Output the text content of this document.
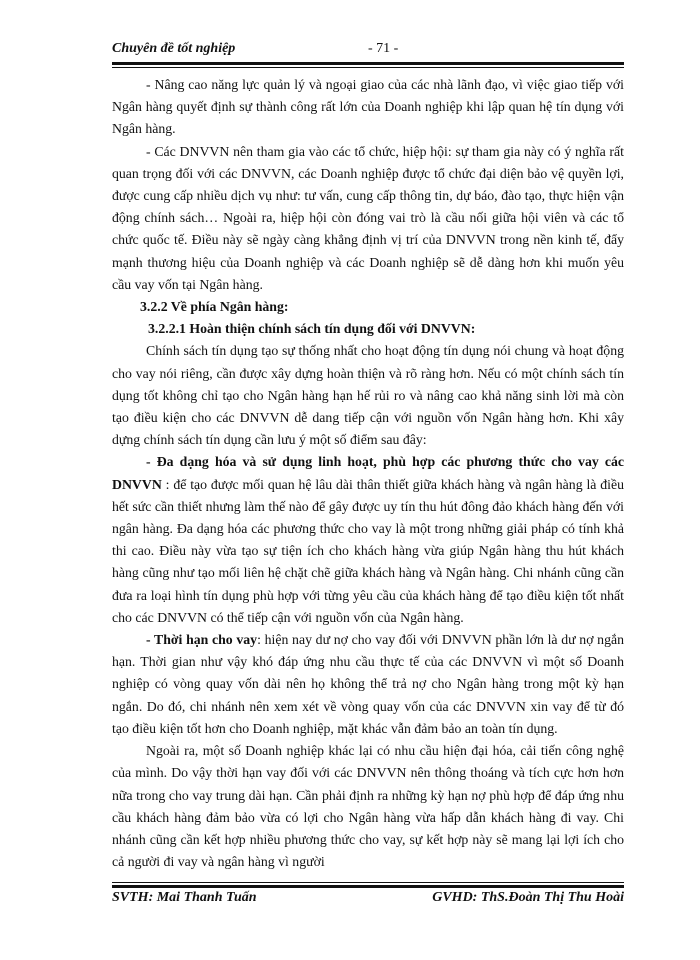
Chuyên đề tốt nghiệp	- 71 -

- Nâng cao năng lực quản lý và ngoại giao của các nhà lãnh đạo, vì việc giao tiếp với Ngân hàng quyết định sự thành công rất lớn của Doanh nghiệp khi lập quan hệ tín dụng với Ngân hàng.

- Các DNVVN nên tham gia vào các tổ chức, hiệp hội: sự tham gia này có ý nghĩa rất quan trọng đối với các DNVVN, các Doanh nghiệp được tổ chức đại diện bảo vệ quyền lợi, được cung cấp nhiều dịch vụ như: tư vấn, cung cấp thông tin, dự báo, đào tạo, thực hiện vận động chính sách… Ngoài ra, hiệp hội còn đóng vai trò là cầu nối giữa hội viên và các tổ chức quốc tế. Điều này sẽ ngày càng khẳng định vị trí của DNVVN trong nền kinh tế, đẩy mạnh thương hiệu của Doanh nghiệp và các Doanh nghiệp sẽ dễ dàng hơn khi muốn yêu cầu vay vốn tại Ngân hàng.

3.2.2 Về phía Ngân hàng:

3.2.2.1 Hoàn thiện chính sách tín dụng đối với DNVVN:

Chính sách tín dụng tạo sự thống nhất cho hoạt động tín dụng nói chung và hoạt động cho vay nói riêng, cần được xây dựng hoàn thiện và rõ ràng hơn. Nếu có một chính sách tín dụng tốt không chỉ tạo cho Ngân hàng hạn hế rủi ro và nâng cao khả năng sinh lời mà còn tạo điều kiện cho các DNVVN dễ dang tiếp cận với nguồn vốn Ngân hàng hơn. Khi xây dựng chính sách tín dụng cần lưu ý một số điểm sau đây:

- Đa dạng hóa và sử dụng linh hoạt, phù hợp các phương thức cho vay các DNVVN : để tạo được mối quan hệ lâu dài thân thiết giữa khách hàng và ngân hàng là điều hết sức cần thiết nhưng làm thế nào để gây được uy tín thu hút đông đảo khách hàng đến với ngân hàng. Đa dạng hóa các phương thức cho vay là một trong những giải pháp có tính khả thi cao. Điều này vừa tạo sự tiện ích cho khách hàng vừa giúp Ngân hàng thu hút khách hàng cũng như tạo mối liên hệ chặt chẽ giữa khách hàng và Ngân hàng. Chi nhánh cũng cần đưa ra loại hình tín dụng phù hợp với từng yêu cầu của khách hàng để tạo điều kiện tốt nhất cho các DNVVN có thể tiếp cận với nguồn vốn của Ngân hàng.

- Thời hạn cho vay: hiện nay dư nợ cho vay đối với DNVVN phần lớn là dư nợ ngắn hạn. Thời gian như vậy khó đáp ứng nhu cầu thực tế của các DNVVN vì một số Doanh nghiệp có vòng quay vốn dài nên họ không thể trả nợ cho Ngân hàng trong một kỳ hạn ngắn. Do đó, chi nhánh nên xem xét về vòng quay vốn của các DNVVN xin vay để từ đó tạo điều kiện tốt hơn cho Doanh nghiệp, mặt khác vẫn đảm bảo an toàn tín dụng.

Ngoài ra, một số Doanh nghiệp khác lại có nhu cầu hiện đại hóa, cải tiến công nghệ của mình. Do vậy thời hạn vay đối với các DNVVN nên thông thoáng và tích cực hơn hơn nữa trong cho vay trung dài hạn. Cần phải định ra những kỳ hạn nợ phù hợp để đáp ứng nhu cầu khách hàng đảm bảo vừa có lợi cho Ngân hàng vừa hấp dẫn khách hàng đi vay. Chi nhánh cũng cần kết hợp nhiều phương thức cho vay, sự kết hợp này sẽ mang lại lợi ích cho cả người đi vay và ngân hàng vì người

SVTH: Mai Thanh Tuấn	GVHD: ThS.Đoàn Thị Thu Hoài
